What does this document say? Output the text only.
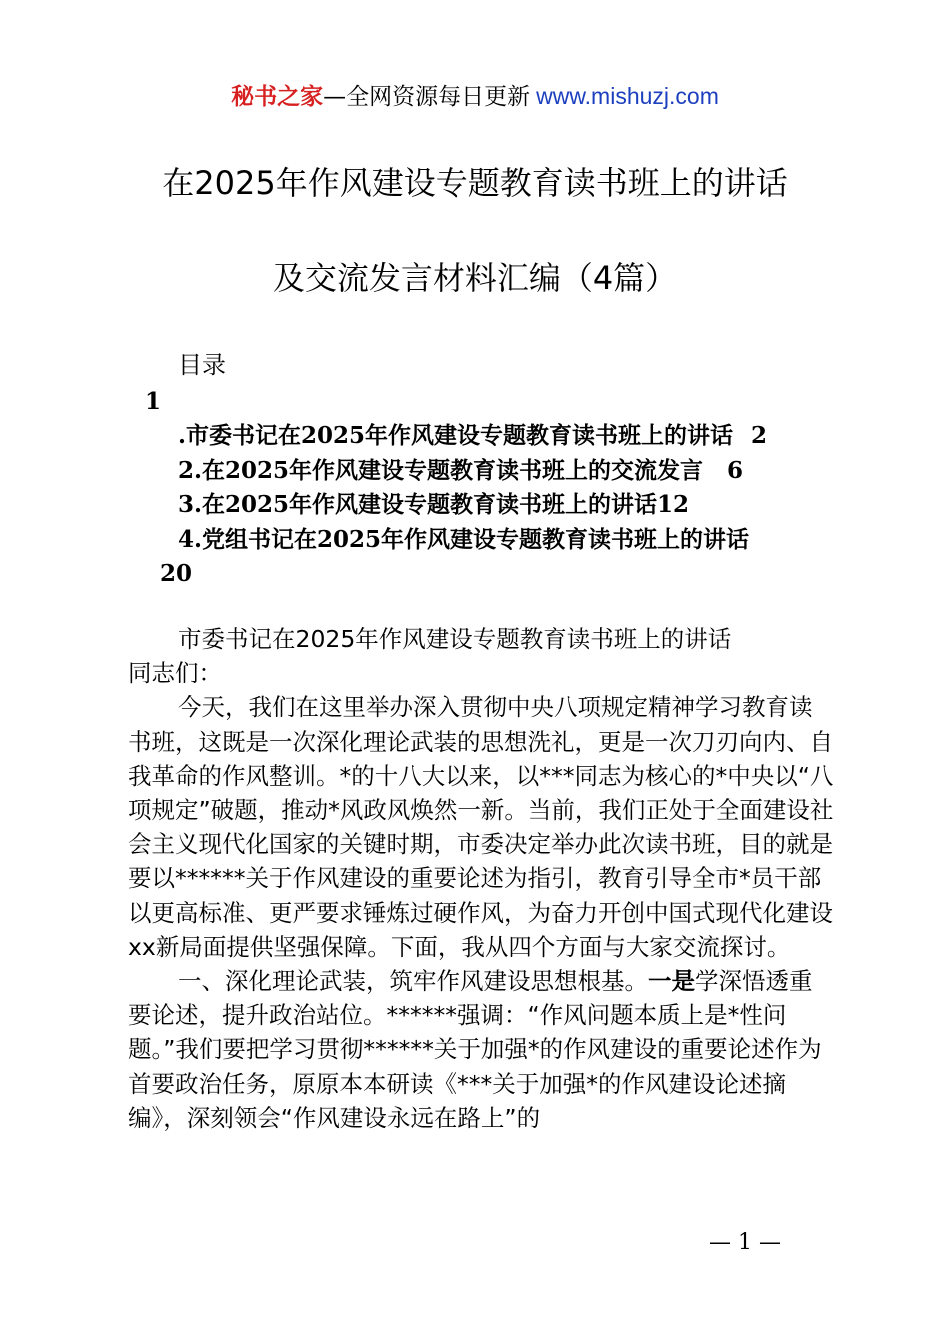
秘书之家—全网资源每日更新 www.mishuzj.com
在2025年作风建设专题教育读书班上的讲话
及交流发言材料汇编（4篇）
目录
1
.市委书记在2025年作风建设专题教育读书班上的讲话 2
2.在2025年作风建设专题教育读书班上的交流发言 6
3.在2025年作风建设专题教育读书班上的讲话12
4.党组书记在2025年作风建设专题教育读书班上的讲话
20

市委书记在2025年作风建设专题教育读书班上的讲话

同志们：

今天，我们在这里举办深入贯彻中央八项规定精神学习教育读书班，这既是一次深化理论武装的思想洗礼，更是一次刀刃向内、自我革命的作风整训。*的十八大以来，以***同志为核心的*中央以“八项规定”破题，推动*风政风焕然一新。当前，我们正处于全面建设社会主义现代化国家的关键时期，市委决定举办此次读书班，目的就是要以******关于作风建设的重要论述为指引，教育引导全市*员干部以更高标准、更严要求锤炼过硬作风，为奋力开创中国式现代化建设xx新局面提供坚强保障。下面，我从四个方面与大家交流探讨。

一、深化理论武装，筑牢作风建设思想根基。一是学深悟透重要论述，提升政治站位。******强调：“作风问题本质上是*性问题。”我们要把学习贯彻******关于加强*的作风建设的重要论述作为首要政治任务，原原本本研读《***关于加强*的作风建设论述摘编》，深刻领会“作风建设永远在路上”的

— 1 —
